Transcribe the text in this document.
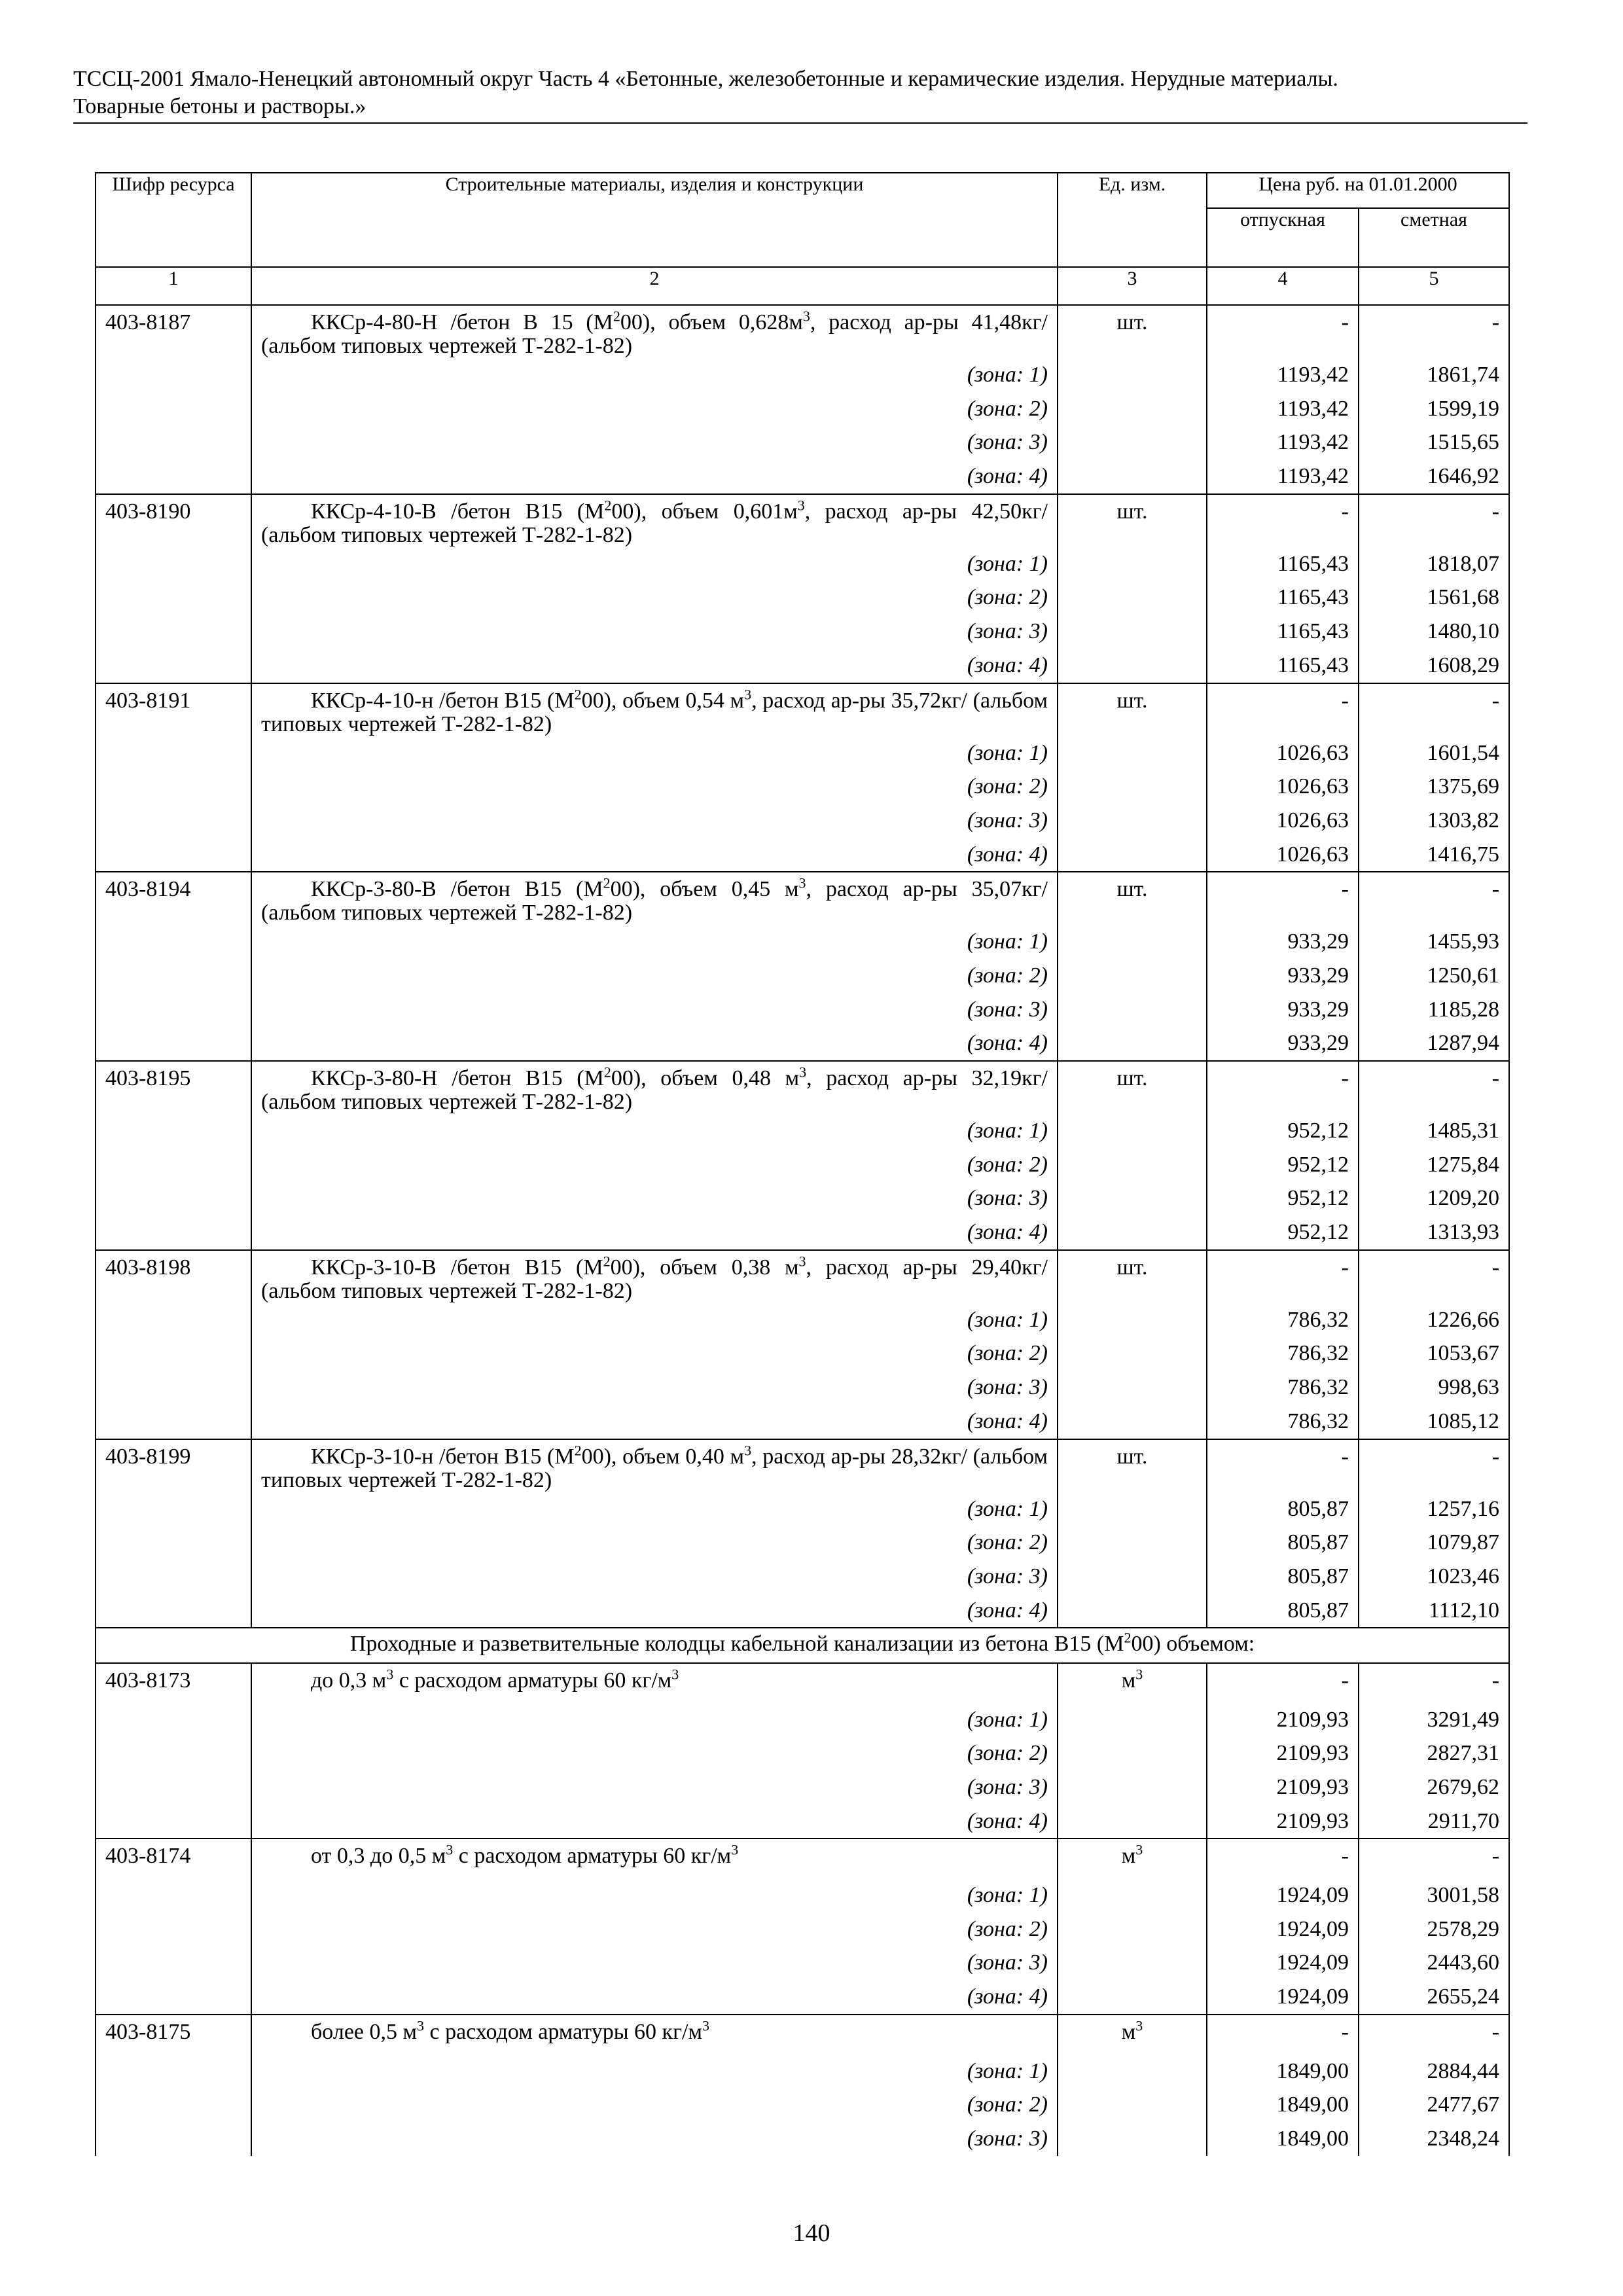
ТССЦ-2001 Ямало-Ненецкий автономный округ Часть 4 «Бетонные, железобетонные и керамические изделия. Нерудные материалы.
Товарные бетоны и растворы.»
Шифр ресурса	Строительные материалы, изделия и конструкции	Ед. изм.	Цена руб. на 01.01.2000	
			отпускная	сметная
1	2	3	4	5
403-8187	ККСр-4-80-Н /бетон В 15 $(М^200)$, объем $0,628м^3$, расход ар-ры 41,48кг/ (альбом типовых чертежей Т-282-1-82)	шт.	-	-
	(зона: 1)		1193,42	1861,74
	(зона: 2)		1193,42	1599,19
	(зона: 3)		1193,42	1515,65
	(зона: 4)		1193,42	1646,92
403-8190	ККСр-4-10-В /бетон В15 $(М^200)$, объем $0,601м^3$, расход ар-ры 42,50кг/ (альбом типовых чертежей Т-282-1-82)	шт.	-	-
	(зона: 1)		1165,43	1818,07
	(зона: 2)		1165,43	1561,68
	(зона: 3)		1165,43	1480,10
	(зона: 4)		1165,43	1608,29
403-8191	ККСр-4-10-н /бетон В15 $(М^200)$, объем 0,54 $м^3$, расход ар-ры 35,72кг/ (альбом типовых чертежей Т-282-1-82)	шт.	-	-
	(зона: 1)		1026,63	1601,54
	(зона: 2)		1026,63	1375,69
	(зона: 3)		1026,63	1303,82
	(зона: 4)		1026,63	1416,75
403-8194	ККСр-3-80-В /бетон В15 $(М^200)$, объем 0,45 $м^3$, расход ар-ры 35,07кг/ (альбом типовых чертежей Т-282-1-82)	шт.	-	-
	(зона: 1)		933,29	1455,93
	(зона: 2)		933,29	1250,61
	(зона: 3)		933,29	1185,28
	(зона: 4)		933,29	1287,94
403-8195	ККСр-3-80-Н /бетон В15 $(М^200)$, объем 0,48 $м^3$, расход ар-ры 32,19кг/ (альбом типовых чертежей Т-282-1-82)	шт.	-	-
	(зона: 1)		952,12	1485,31
	(зона: 2)		952,12	1275,84
	(зона: 3)		952,12	1209,20
	(зона: 4)		952,12	1313,93
403-8198	ККСр-3-10-В /бетон В15 $(М^200)$, объем 0,38 $м^3$, расход ар-ры 29,40кг/ (альбом типовых чертежей Т-282-1-82)	шт.	-	-
	(зона: 1)		786,32	1226,66
	(зона: 2)		786,32	1053,67
	(зона: 3)		786,32	998,63
	(зона: 4)		786,32	1085,12
403-8199	ККСр-3-10-н /бетон В15 $(М^200)$, объем 0,40 $м^3$, расход ар-ры 28,32кг/ (альбом типовых чертежей Т-282-1-82)	шт.	-	-
	(зона: 1)		805,87	1257,16
	(зона: 2)		805,87	1079,87
	(зона: 3)		805,87	1023,46
	(зона: 4)		805,87	1112,10
Проходные и разветвительные колодцы кабельной канализации из бетона В15 $(М^200)$ объемом:				
403-8173	до 0,3 $м^3$ с расходом арматуры 60 $кг/м^3$	$м^3$	-	-
	(зона: 1)		2109,93	3291,49
	(зона: 2)		2109,93	2827,31
	(зона: 3)		2109,93	2679,62
	(зона: 4)		2109,93	2911,70
403-8174	от 0,3 до 0,5 $м^3$ с расходом арматуры 60 $кг/м^3$	$м^3$	-	-
	(зона: 1)		1924,09	3001,58
	(зона: 2)		1924,09	2578,29
	(зона: 3)		1924,09	2443,60
	(зона: 4)		1924,09	2655,24
403-8175	более 0,5 $м^3$ с расходом арматуры 60 $кг/м^3$	$м^3$	-	-
	(зона: 1)		1849,00	2884,44
	(зона: 2)		1849,00	2477,67
	(зона: 3)		1849,00	2348,24
140
